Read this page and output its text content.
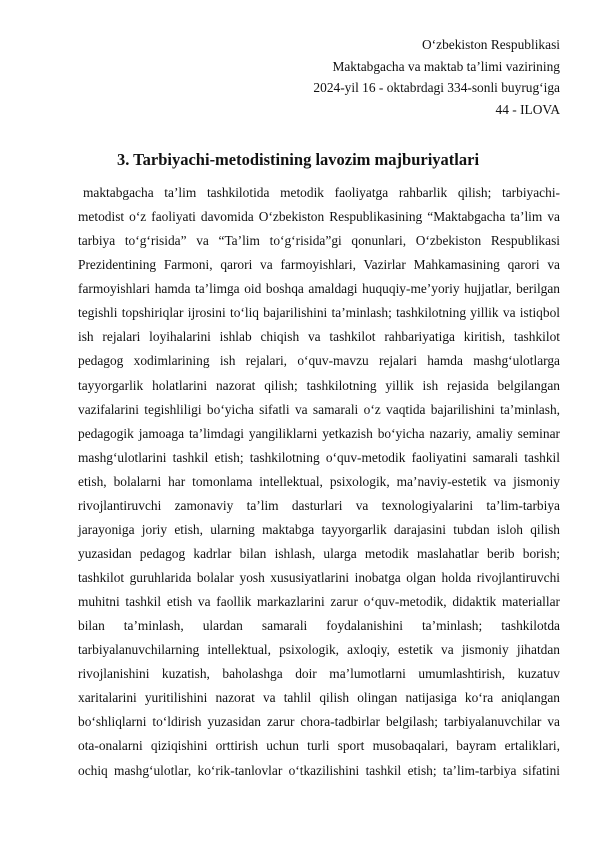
O‘zbekiston Respublikasi
Maktabgacha va maktab ta’limi vazirining
2024-yil 16 - oktabrdagi 334-sonli buyrug‘iga
44 - ILOVA
3. Tarbiyachi-metodistining lavozim majburiyatlari
maktabgacha ta’lim tashkilotida metodik faoliyatga rahbarlik qilish; tarbiyachi-
metodist o‘z faoliyati davomida O‘zbekiston Respublikasining “Maktabgacha ta’lim va
tarbiya to‘g‘risida” va “Ta’lim to‘g‘risida”gi qonunlari, O‘zbekiston Respublikasi
Prezidentining Farmoni, qarori va farmoyishlari, Vazirlar Mahkamasining qarori va
farmoyishlari hamda ta’limga oid boshqa amaldagi huquqiy-me’yoriy hujjatlar, berilgan
tegishli topshiriqlar ijrosini to‘liq bajarilishini ta’minlash; tashkilotning yillik va istiqbol
ish rejalari loyihalarini ishlab chiqish va tashkilot rahbariyatiga kiritish, tashkilot
pedagog xodimlarining ish rejalari, o‘quv-mavzu rejalari hamda mashg‘ulotlarga
tayyorgarlik holatlarini nazorat qilish; tashkilotning yillik ish rejasida belgilangan
vazifalarini tegishliligi bo‘yicha sifatli va samarali o‘z vaqtida bajarilishini ta’minlash,
pedagogik jamoaga ta’limdagi yangiliklarni yetkazish bo‘yicha nazariy, amaliy seminar
mashg‘ulotlarini tashkil etish; tashkilotning o‘quv-metodik faoliyatini samarali tashkil
etish, bolalarni har tomonlama intellektual, psixologik, ma’naviy-estetik va jismoniy
rivojlantiruvchi zamonaviy ta’lim dasturlari va texnologiyalarini ta’lim-tarbiya
jarayoniga joriy etish, ularning maktabga tayyorgarlik darajasini tubdan isloh qilish
yuzasidan pedagog kadrlar bilan ishlash, ularga metodik maslahatlar berib borish;
tashkilot guruhlarida bolalar yosh xususiyatlarini inobatga olgan holda rivojlantiruvchi
muhitni tashkil etish va faollik markazlarini zarur o‘quv-metodik, didaktik materiallar
bilan ta’minlash, ulardan samarali foydalanishini ta’minlash; tashkilotda
tarbiyalanuvchilarning intellektual, psixologik, axloqiy, estetik va jismoniy jihatdan
rivojlanishini kuzatish, baholashga doir ma’lumotlarni umumlashtirish, kuzatuv
xaritalarini yuritilishini nazorat va tahlil qilish olingan natijasiga ko‘ra aniqlangan
bo‘shliqlarni to‘ldirish yuzasidan zarur chora-tadbirlar belgilash; tarbiyalanuvchilar va
ota-onalarni qiziqishini orttirish uchun turli sport musobaqalari, bayram ertaliklari,
ochiq mashg‘ulotlar, ko‘rik-tanlovlar o‘tkazilishini tashkil etish; ta’lim-tarbiya sifatini
